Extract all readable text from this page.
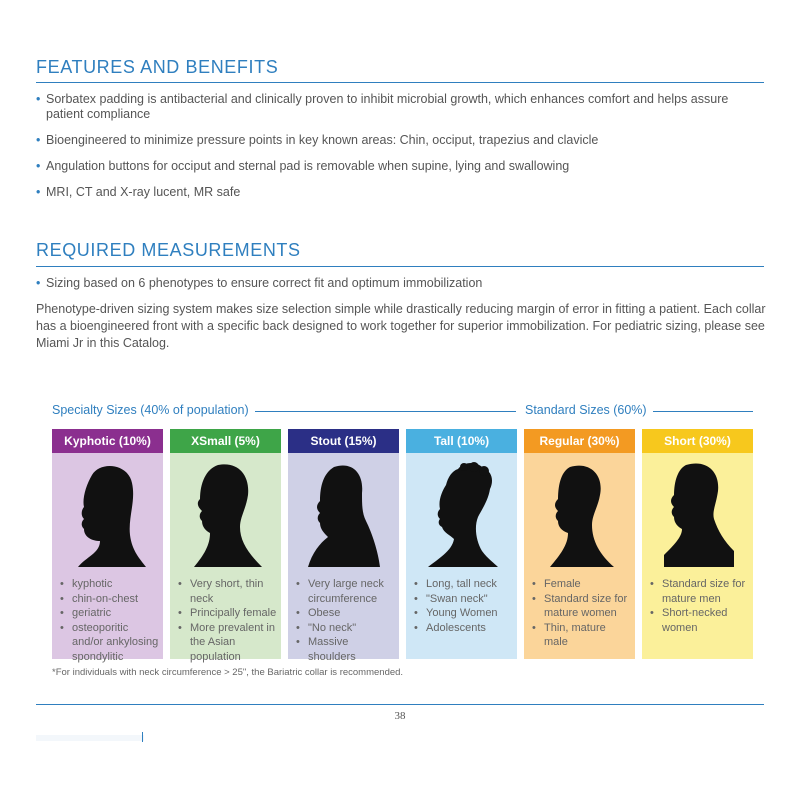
FEATURES AND BENEFITS
• Sorbatex padding is antibacterial and clinically proven to inhibit microbial growth, which enhances comfort and helps assure patient compliance
• Bioengineered to minimize pressure points in key known areas: Chin, occiput, trapezius and clavicle
• Angulation buttons for occiput and sternal pad is removable when supine, lying and swallowing
• MRI, CT and X-ray lucent, MR safe
REQUIRED MEASUREMENTS
• Sizing based on 6 phenotypes to ensure correct fit and optimum immobilization

Phenotype-driven sizing system makes size selection simple while drastically reducing margin of error in fitting a patient. Each collar has a bioengineered front with a specific back designed to work together for superior immobilization. For pediatric sizing, please see Miami Jr in this Catalog.

Specialty Sizes (40% of population)	Standard Sizes (60%)
Kyphotic (10%)
• kyphotic
• chin-on-chest
• geriatric
• osteoporitic and/or ankylosing spondylitic
XSmall (5%)
• Very short, thin neck
• Principally female
• More prevalent in the Asian population
Stout (15%)
• Very large neck circumference
• Obese
• "No neck"
• Massive shoulders
Tall (10%)
• Long, tall neck
• "Swan neck"
• Young Women
• Adolescents
Regular (30%)
• Female
• Standard size for mature women
• Thin, mature male
Short (30%)
• Standard size for mature men
• Short-necked women
*For individuals with neck circumference > 25", the Bariatric collar is recommended.
38
